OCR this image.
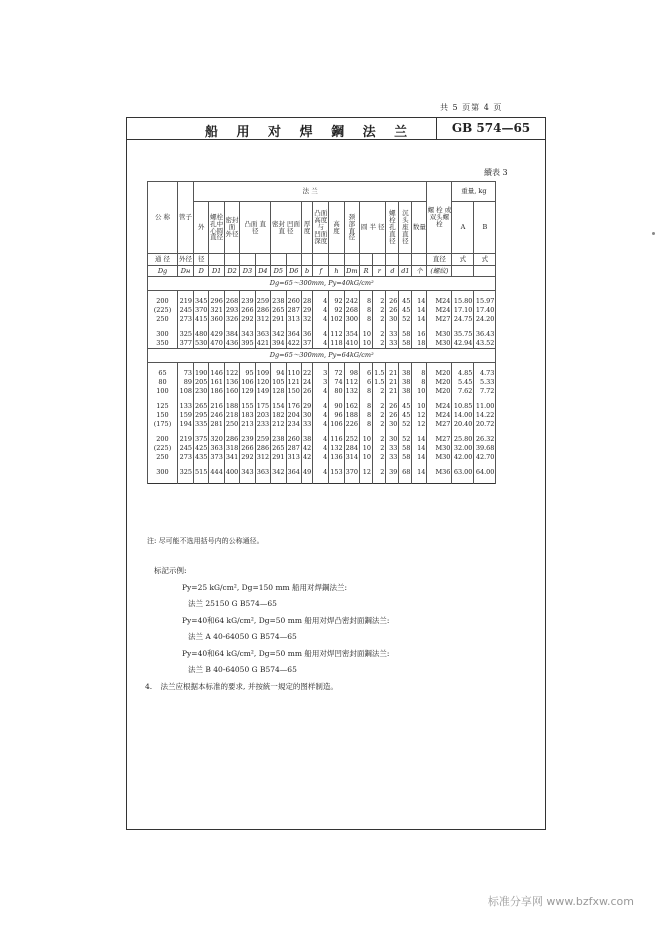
共 5 页第 4 页
船 用 对 焊 鋼 法 兰	GB 574—65
續表 3
公 称	管子	法 兰																螺 栓 或 双头螺栓	重量, kg	
		外	螺栓 孔中 心圆 直径	密封 面 外径	凸面 直 径		密封 凹面 直 径		厚 度	凸面 高度 与 凹面 深度	高 度	颈 部 直 径	圆 半 径		螺栓 孔 直径	沉头 座 直径	数量		A	B
通 径	外径	径																直径	式	式
Dg	Dн	D	D1	D2	D3	D4	D5	D6	b	f	h	Dm	R	r	d	d1	个	(螺紋)		
Dg=65～300mm, Py=40kG/cm²																				

200	219	345	296	268	239	259	238	260	28	4	92	242	8	2	26	45	14	M24	15.80	15.97
(225)	245	370	321	293	266	286	265	287	29	4	92	268	8	2	26	45	14	M24	17.10	17.40
250	273	415	360	326	292	312	291	313	32	4	102	300	8	2	30	52	14	M27	24.75	24.20

300	325	480	429	384	343	363	342	364	36	4	112	354	10	2	33	58	16	M30	35.75	36.43
350	377	530	470	436	395	421	394	422	37	4	118	410	10	2	33	58	18	M30	42.94	43.52
Dg=65～300mm, Py=64kG/cm²																				

65	73	190	146	122	95	109	94	110	22	3	72	98	6	1.5	21	38	8	M20	4.85	4.73
80	89	205	161	136	106	120	105	121	24	3	74	112	6	1.5	21	38	8	M20	5.45	5.33
100	108	230	186	160	129	149	128	150	26	4	80	132	8	2	21	38	10	M20	7.62	7.72

125	133	265	216	188	155	175	154	176	29	4	90	162	8	2	26	45	10	M24	10.85	11.00
150	159	295	246	218	183	203	182	204	30	4	96	188	8	2	26	45	12	M24	14.00	14.22
(175)	194	335	281	250	213	233	212	234	33	4	106	226	8	2	30	52	12	M27	20.40	20.72

200	219	375	320	286	239	259	238	260	38	4	116	252	10	2	30	52	14	M27	25.80	26.32
(225)	245	425	363	318	266	286	265	287	42	4	132	284	10	2	33	58	14	M30	32.00	39.68
250	273	435	373	341	292	312	291	313	42	4	136	314	10	2	33	58	14	M30	42.00	42.70

300	325	515	444	400	343	363	342	364	49	4	153	370	12	2	39	68	14	M36	63.00	64.00

注: 尽可能不选用括号内的公称通径。
标記示例:
Py=25 kG/cm², Dg=150 mm 船用对焊鋼法兰:
法兰 25150 G B574—65
Py=40和64 kG/cm², Dg=50 mm 船用对焊凸密封面鋼法兰:
法兰 A 40-64050 G B574—65
Py=40和64 kG/cm², Dg=50 mm 船用对焊凹密封面鋼法兰:
法兰 B 40-64050 G B574—65
4. 法兰应根据本标准的要求, 并按統一規定的图样制造。
标准分享网 www.bzfxw.com
